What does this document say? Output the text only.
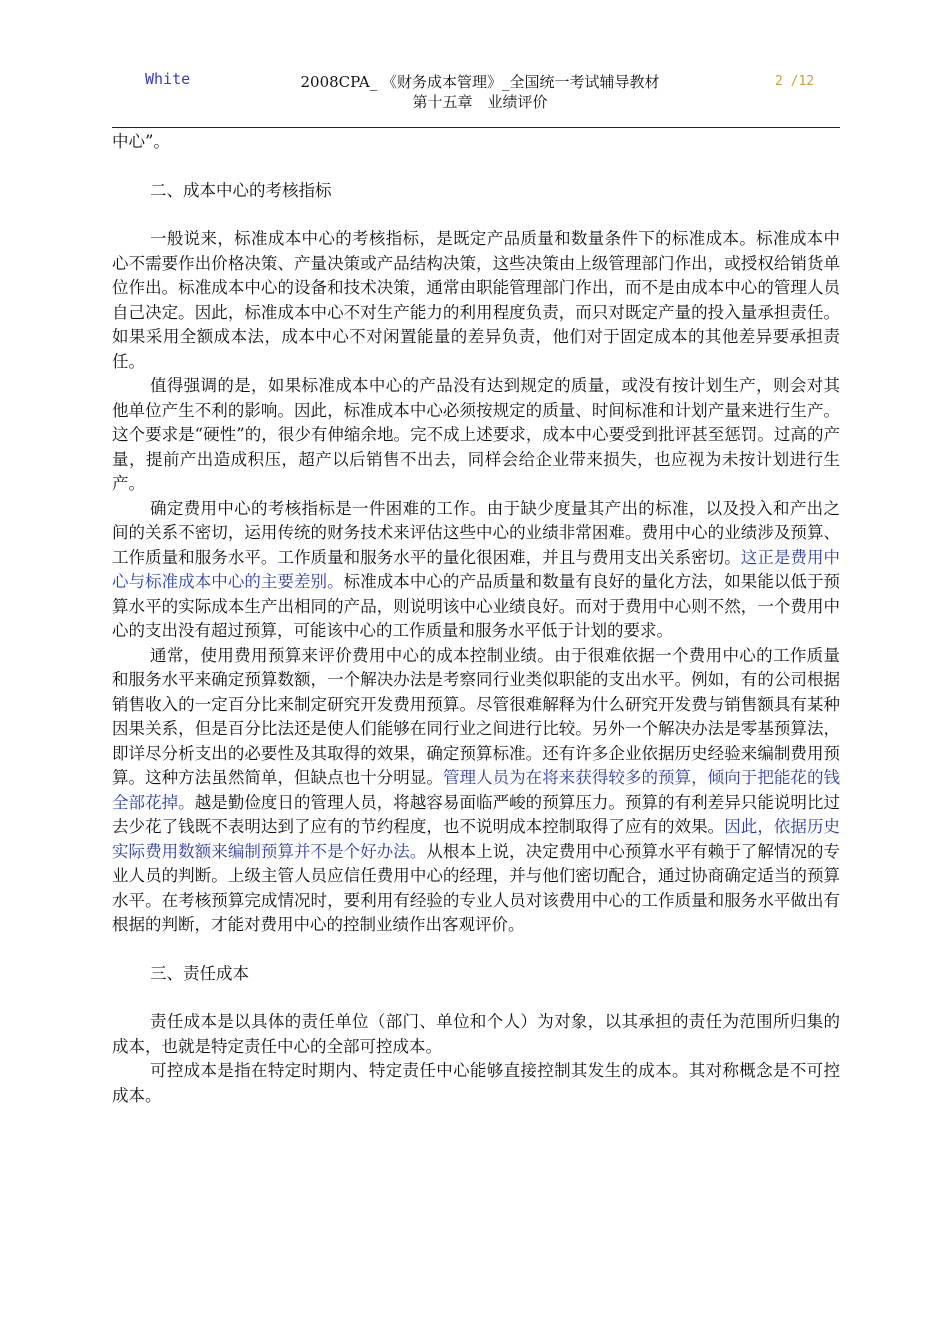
White	2008CPA_ 《财务成本管理》_全国统一考试辅导教材
第十五章　业绩评价
2 /12

中心”。

二、成本中心的考核指标

一般说来，标准成本中心的考核指标，是既定产品质量和数量条件下的标准成本。标准成本中心不需要作出价格决策、产量决策或产品结构决策，这些决策由上级管理部门作出，或授权给销货单位作出。标准成本中心的设备和技术决策，通常由职能管理部门作出，而不是由成本中心的管理人员自己决定。因此，标准成本中心不对生产能力的利用程度负责，而只对既定产量的投入量承担责任。如果采用全额成本法，成本中心不对闲置能量的差异负责，他们对于固定成本的其他差异要承担责任。

值得强调的是，如果标准成本中心的产品没有达到规定的质量，或没有按计划生产，则会对其他单位产生不利的影响。因此，标准成本中心必须按规定的质量、时间标准和计划产量来进行生产。这个要求是“硬性”的，很少有伸缩余地。完不成上述要求，成本中心要受到批评甚至惩罚。过高的产量，提前产出造成积压，超产以后销售不出去，同样会给企业带来损失，也应视为未按计划进行生产。

确定费用中心的考核指标是一件困难的工作。由于缺少度量其产出的标准，以及投入和产出之间的关系不密切，运用传统的财务技术来评估这些中心的业绩非常困难。费用中心的业绩涉及预算、工作质量和服务水平。工作质量和服务水平的量化很困难，并且与费用支出关系密切。这正是费用中心与标准成本中心的主要差别。标准成本中心的产品质量和数量有良好的量化方法，如果能以低于预算水平的实际成本生产出相同的产品，则说明该中心业绩良好。而对于费用中心则不然，一个费用中心的支出没有超过预算，可能该中心的工作质量和服务水平低于计划的要求。

通常，使用费用预算来评价费用中心的成本控制业绩。由于很难依据一个费用中心的工作质量和服务水平来确定预算数额，一个解决办法是考察同行业类似职能的支出水平。例如，有的公司根据销售收入的一定百分比来制定研究开发费用预算。尽管很难解释为什么研究开发费与销售额具有某种因果关系，但是百分比法还是使人们能够在同行业之间进行比较。另外一个解决办法是零基预算法，即详尽分析支出的必要性及其取得的效果，确定预算标准。还有许多企业依据历史经验来编制费用预算。这种方法虽然简单，但缺点也十分明显。管理人员为在将来获得较多的预算，倾向于把能花的钱全部花掉。越是勤俭度日的管理人员，将越容易面临严峻的预算压力。预算的有利差异只能说明比过去少花了钱既不表明达到了应有的节约程度，也不说明成本控制取得了应有的效果。因此，依据历史实际费用数额来编制预算并不是个好办法。从根本上说，决定费用中心预算水平有赖于了解情况的专业人员的判断。上级主管人员应信任费用中心的经理，并与他们密切配合，通过协商确定适当的预算水平。在考核预算完成情况时，要利用有经验的专业人员对该费用中心的工作质量和服务水平做出有根据的判断，才能对费用中心的控制业绩作出客观评价。

三、责任成本

责任成本是以具体的责任单位（部门、单位和个人）为对象，以其承担的责任为范围所归集的成本，也就是特定责任中心的全部可控成本。

可控成本是指在特定时期内、特定责任中心能够直接控制其发生的成本。其对称概念是不可控成本。
